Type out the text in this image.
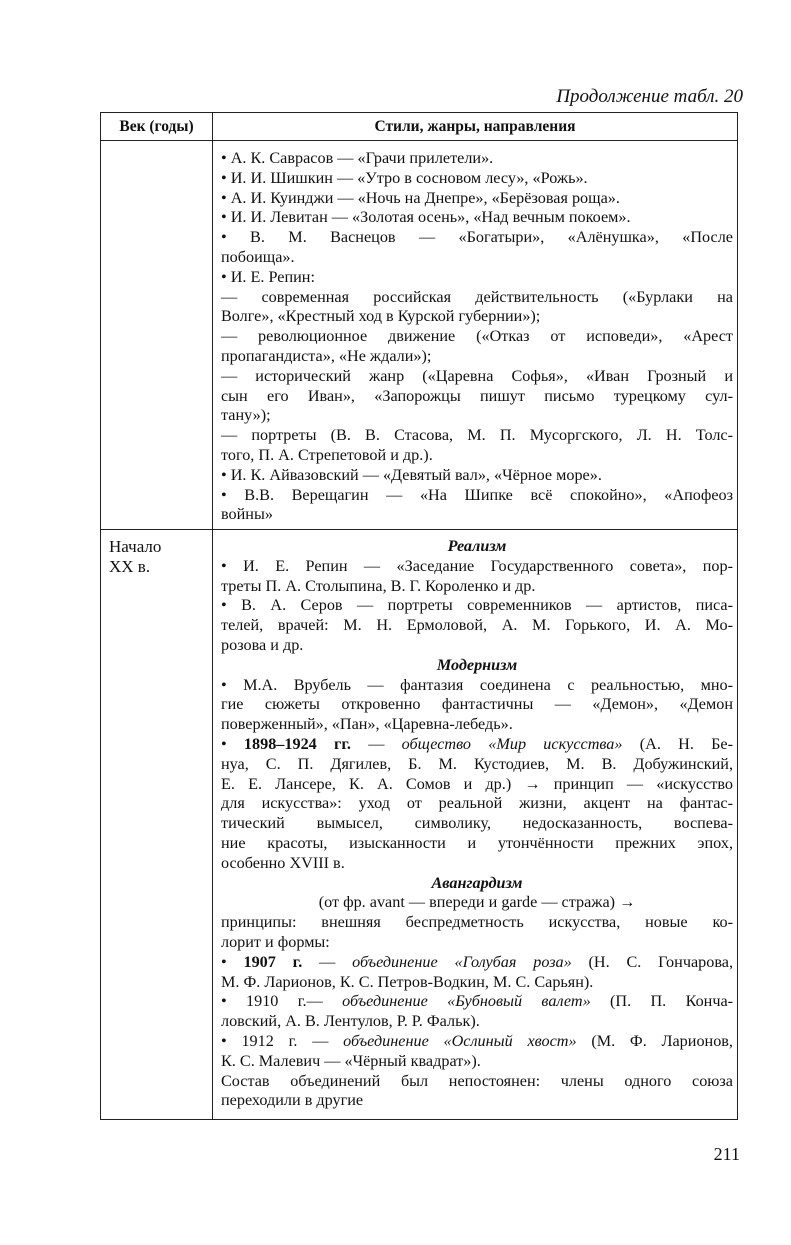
Продолжение табл. 20
Век (годы)	Стили, жанры, направления
• А. К. Саврасов — «Грачи прилетели».
• И. И. Шишкин — «Утро в сосновом лесу», «Рожь».
• А. И. Куинджи — «Ночь на Днепре», «Берёзовая роща».
• И. И. Левитан — «Золотая осень», «Над вечным покоем».
• В. М. Васнецов — «Богатыри», «Алёнушка», «После
побоища».
• И. Е. Репин:
— современная российская действительность («Бурлаки на
Волге», «Крестный ход в Курской губернии»);
— революционное движение («Отказ от исповеди», «Арест
пропагандиста», «Не ждали»);
— исторический жанр («Царевна Софья», «Иван Грозный и
сын его Иван», «Запорожцы пишут письмо турецкому сул-
тану»);
— портреты (В. В. Стасова, М. П. Мусоргского, Л. Н. Толс-
того, П. А. Стрепетовой и др.).
• И. К. Айвазовский — «Девятый вал», «Чёрное море».
• В.В. Верещагин — «На Шипке всё спокойно», «Апофеоз
войны»
Начало
XX в.
Реализм
• И. Е. Репин — «Заседание Государственного совета», пор-
треты П. А. Столыпина, В. Г. Короленко и др.
• В. А. Серов — портреты современников — артистов, писа-
телей, врачей: М. Н. Ермоловой, А. М. Горького, И. А. Мо-
розова и др.
Модернизм
• М.А. Врубель — фантазия соединена с реальностью, мно-
гие сюжеты откровенно фантастичны — «Демон», «Демон
поверженный», «Пан», «Царевна-лебедь».
• 1898–1924 гг. — общество «Мир искусства» (А. Н. Бе-
нуа, С. П. Дягилев, Б. М. Кустодиев, М. В. Добужинский,
Е. Е. Лансере, К. А. Сомов и др.) → принцип — «искусство
для искусства»: уход от реальной жизни, акцент на фантас-
тический вымысел, символику, недосказанность, воспева-
ние красоты, изысканности и утончённости прежних эпох,
особенно XVIII в.
Авангардизм
(от фр. avant — впереди и garde — стража) →
принципы: внешняя беспредметность искусства, новые ко-
лорит и формы:
• 1907 г. — объединение «Голубая роза» (Н. С. Гончарова,
М. Ф. Ларионов, К. С. Петров-Водкин, М. С. Сарьян).
• 1910 г.— объединение «Бубновый валет» (П. П. Конча-
ловский, А. В. Лентулов, Р. Р. Фальк).
• 1912 г. — объединение «Ослиный хвост» (М. Ф. Ларионов,
К. С. Малевич — «Чёрный квадрат»).
Состав объединений был непостоянен: члены одного союза
переходили в другие
211
